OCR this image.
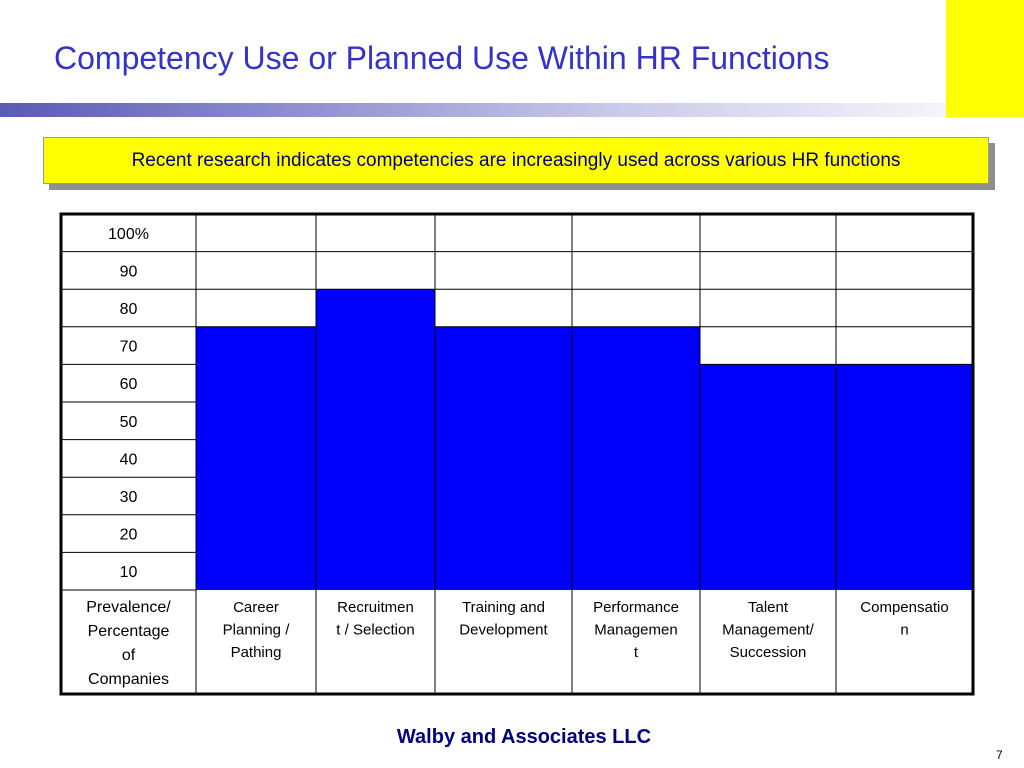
Competency Use or Planned Use Within HR Functions
Recent research indicates competencies are increasingly used across various HR functions
100%
90
80
70
60
50
40
30
20
10
Prevalence/
Percentage
of
Companies
Career
Planning /
Pathing
Recruitmen
t / Selection
Training and
Development
Performance
Managemen
t
Talent
Management/
Succession
Compensatio
n
Walby and Associates LLC
7
